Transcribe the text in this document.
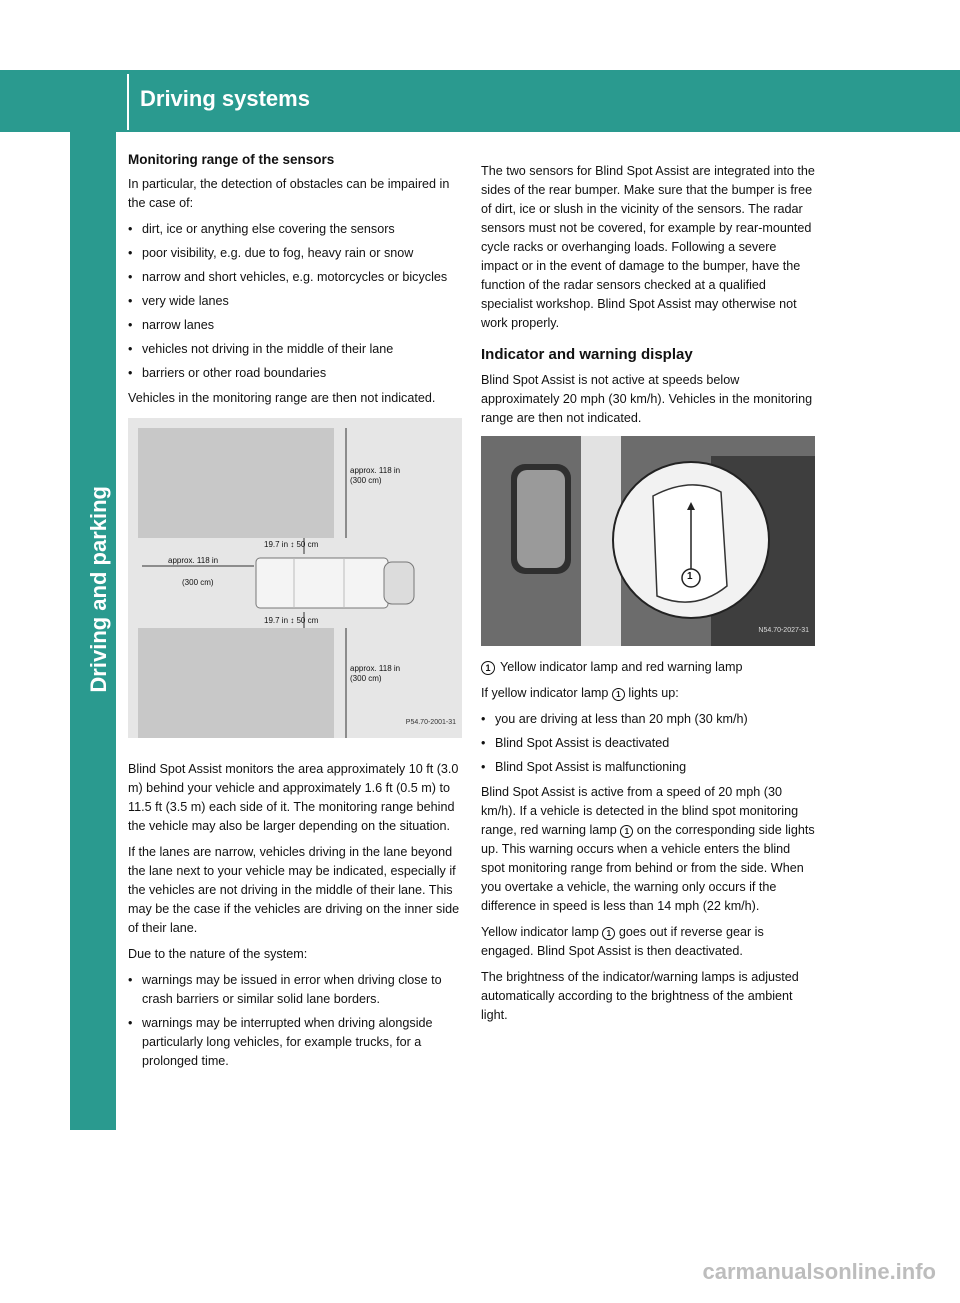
Driving systems
Driving and parking
Monitoring range of the sensors

In particular, the detection of obstacles can be impaired in the case of:

• dirt, ice or anything else covering the sensors
• poor visibility, e.g. due to fog, heavy rain or snow
• narrow and short vehicles, e.g. motorcycles or bicycles
• very wide lanes
• narrow lanes
• vehicles not driving in the middle of their lane
• barriers or other road boundaries

Vehicles in the monitoring range are then not indicated.

approx. 118 in (300 cm)
19.7 in ↕ 50 cm
approx. 118 in
(300 cm)
19.7 in ↕ 50 cm
approx. 118 in (300 cm)
P54.70-2001-31

Blind Spot Assist monitors the area approximately 10 ft (3.0 m) behind your vehicle and approximately 1.6 ft (0.5 m) to 11.5 ft (3.5 m) each side of it. The monitoring range behind the vehicle may also be larger depending on the situation.

If the lanes are narrow, vehicles driving in the lane beyond the lane next to your vehicle may be indicated, especially if the vehicles are not driving in the middle of their lane. This may be the case if the vehicles are driving on the inner side of their lane.

Due to the nature of the system:

• warnings may be issued in error when driving close to crash barriers or similar solid lane borders.
• warnings may be interrupted when driving alongside particularly long vehicles, for example trucks, for a prolonged time.

The two sensors for Blind Spot Assist are integrated into the sides of the rear bumper. Make sure that the bumper is free of dirt, ice or slush in the vicinity of the sensors. The radar sensors must not be covered, for example by rear-mounted cycle racks or overhanging loads. Following a severe impact or in the event of damage to the bumper, have the function of the radar sensors checked at a qualified specialist workshop. Blind Spot Assist may otherwise not work properly.

Indicator and warning display

Blind Spot Assist is not active at speeds below approximately 20 mph (30 km/h). Vehicles in the monitoring range are then not indicated.

1
N54.70-2027-31

1 Yellow indicator lamp and red warning lamp

If yellow indicator lamp 1 lights up:

• you are driving at less than 20 mph (30 km/h)
• Blind Spot Assist is deactivated
• Blind Spot Assist is malfunctioning

Blind Spot Assist is active from a speed of 20 mph (30 km/h). If a vehicle is detected in the blind spot monitoring range, red warning lamp 1 on the corresponding side lights up. This warning occurs when a vehicle enters the blind spot monitoring range from behind or from the side. When you overtake a vehicle, the warning only occurs if the difference in speed is less than 14 mph (22 km/h).

Yellow indicator lamp 1 goes out if reverse gear is engaged. Blind Spot Assist is then deactivated.

The brightness of the indicator/warning lamps is adjusted automatically according to the brightness of the ambient light.

carmanualsonline.info
